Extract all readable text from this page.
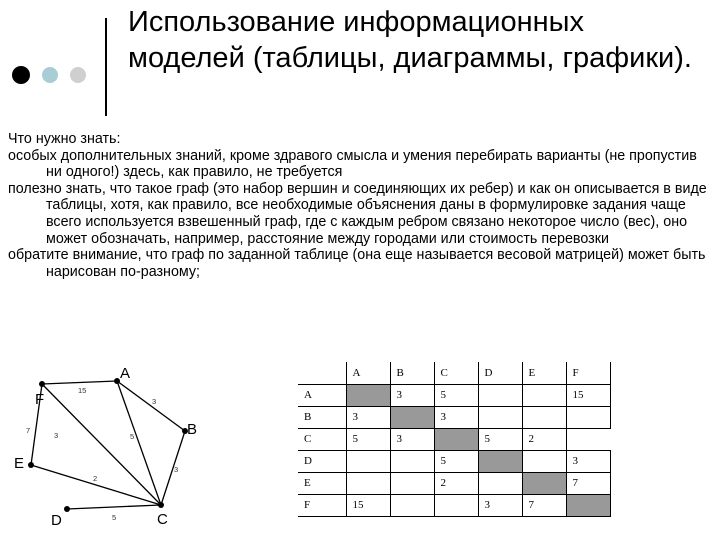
Использование информационных моделей (таблицы, диаграммы, графики).

Что нужно знать:

особых дополнительных знаний, кроме здравого смысла и умения перебирать варианты (не пропустив ни одного!) здесь, как правило, не требуется

полезно знать, что такое граф (это набор вершин и соединяющих их ребер) и как он описывается в виде таблицы, хотя, как правило, все необходимые объяснения даны в формулировке задания чаще всего используется взвешенный граф, где с каждым ребром связано некоторое число (вес), оно может обозначать, например, расстояние между городами или стоимость перевозки

обратите внимание, что граф по заданной таблице (она еще называется весовой матрицей) может быть нарисован по-разному;

A
B
C
D
E
F
15
3
5
3
7
3
2
5
	A	B	C	D	E	F
A		3	5			15
B	3		3			
C	5	3		5	2	
D			5			3
E			2			7
F	15			3	7	
